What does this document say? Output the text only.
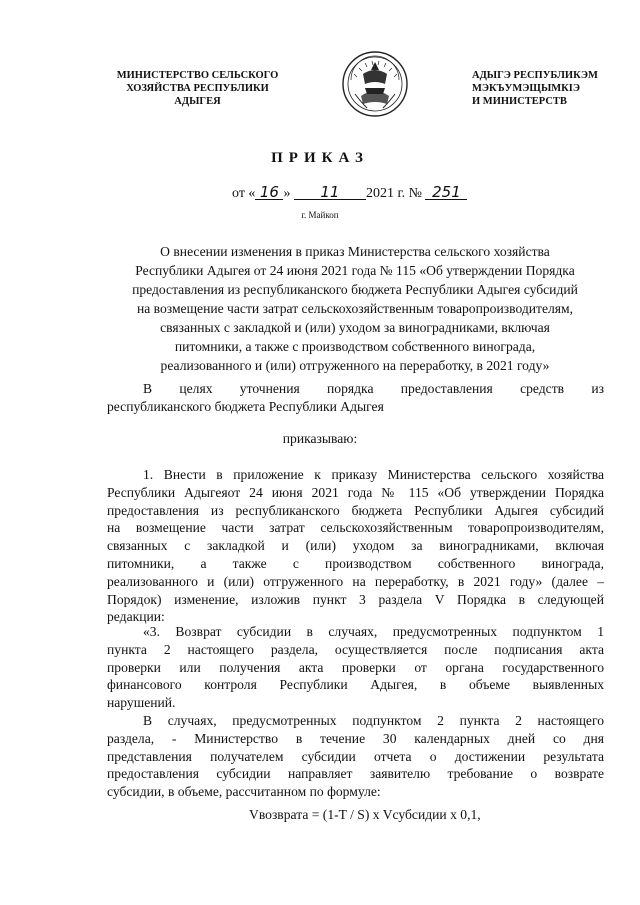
МИНИСТЕРСТВО СЕЛЬСКОГО
ХОЗЯЙСТВА РЕСПУБЛИКИ
АДЫГЕЯ
АДЫГЭ РЕСПУБЛИКЭМ
МЭКЪУМЭЩЫМКIЭ
И МИНИСТЕРСТВ
ПРИКАЗ
от « 16 » 11 2021 г. № 251
г. Майкоп
О внесении изменения в приказ Министерства сельского хозяйства
Республики Адыгея от 24 июня 2021 года № 115 «Об утверждении Порядка
предоставления из республиканского бюджета Республики Адыгея субсидий
на возмещение части затрат сельскохозяйственным товаропроизводителям,
связанных с закладкой и (или) уходом за виноградниками, включая
питомники, а также с производством собственного винограда,
реализованного и (или) отгруженного на переработку, в 2021 году»
В целях уточнения порядка предоставления средств из
республиканского бюджета Республики Адыгея
приказываю:
1. Внести в приложение к приказу Министерства сельского хозяйства
Республики Адыгеяот 24 июня 2021 года № 115 «Об утверждении Порядка
предоставления из республиканского бюджета Республики Адыгея субсидий
на возмещение части затрат сельскохозяйственным товаропроизводителям,
связанных с закладкой и (или) уходом за виноградниками, включая
питомники, а также с производством собственного винограда,
реализованного и (или) отгруженного на переработку, в 2021 году» (далее –
Порядок) изменение, изложив пункт 3 раздела V Порядка в следующей
редакции:
«3. Возврат субсидии в случаях, предусмотренных подпунктом 1
пункта 2 настоящего раздела, осуществляется после подписания акта
проверки или получения акта проверки от органа государственного
финансового контроля Республики Адыгея, в объеме выявленных
нарушений.
В случаях, предусмотренных подпунктом 2 пункта 2 настоящего
раздела, - Министерство в течение 30 календарных дней со дня
представления получателем субсидии отчета о достижении результата
предоставления субсидии направляет заявителю требование о возврате
субсидии, в объеме, рассчитанном по формуле:
Vвозврата = (1-T / S) x Vсубсидии x 0,1,
